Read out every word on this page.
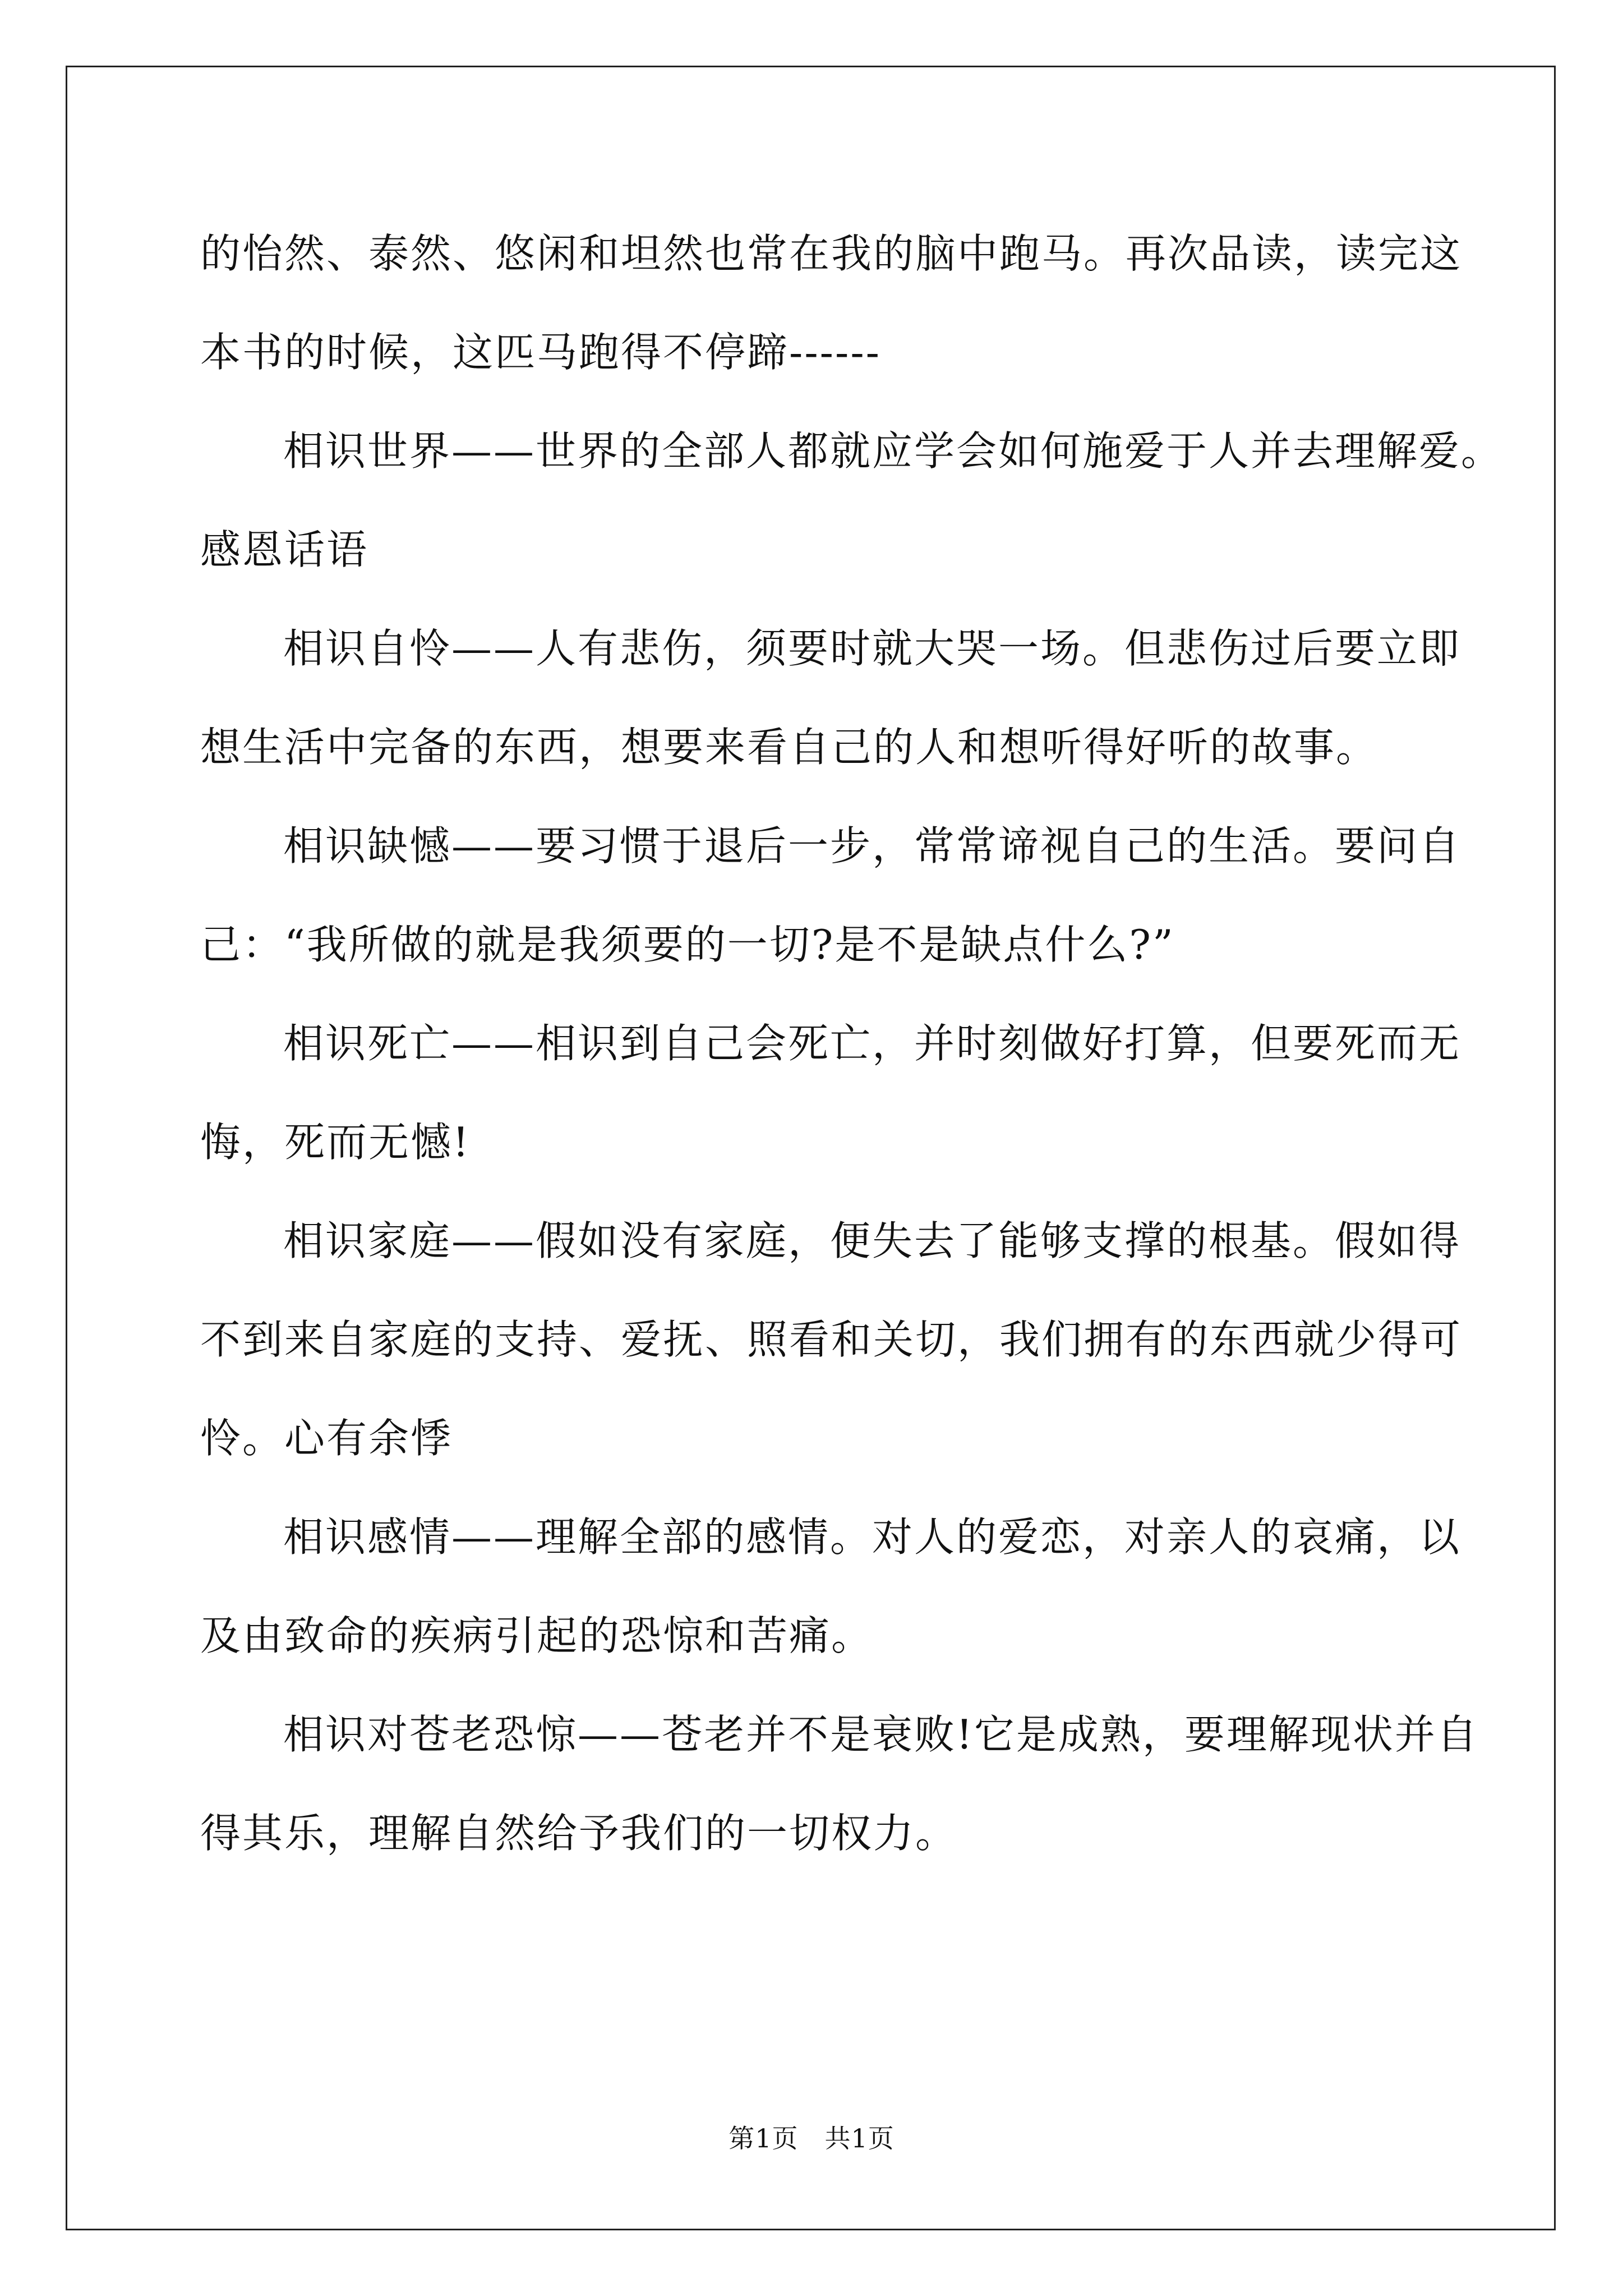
的怡然、泰然、悠闲和坦然也常在我的脑中跑马。再次品读，读完这
本书的时候，这匹马跑得不停蹄------

相识世界——世界的全部人都就应学会如何施爱于人并去理解爱。
感恩话语

相识自怜——人有悲伤，须要时就大哭一场。但悲伤过后要立即
想生活中完备的东西，想要来看自己的人和想听得好听的故事。

相识缺憾——要习惯于退后一步，常常谛视自己的生活。要问自
己：“我所做的就是我须要的一切?是不是缺点什么?”

相识死亡——相识到自己会死亡，并时刻做好打算，但要死而无
悔，死而无憾!

相识家庭——假如没有家庭，便失去了能够支撑的根基。假如得
不到来自家庭的支持、爱抚、照看和关切，我们拥有的东西就少得可
怜。心有余悸

相识感情——理解全部的感情。对人的爱恋，对亲人的哀痛，以
及由致命的疾病引起的恐惊和苦痛。

相识对苍老恐惊——苍老并不是衰败!它是成熟，要理解现状并自
得其乐，理解自然给予我们的一切权力。

第1页　共1页
